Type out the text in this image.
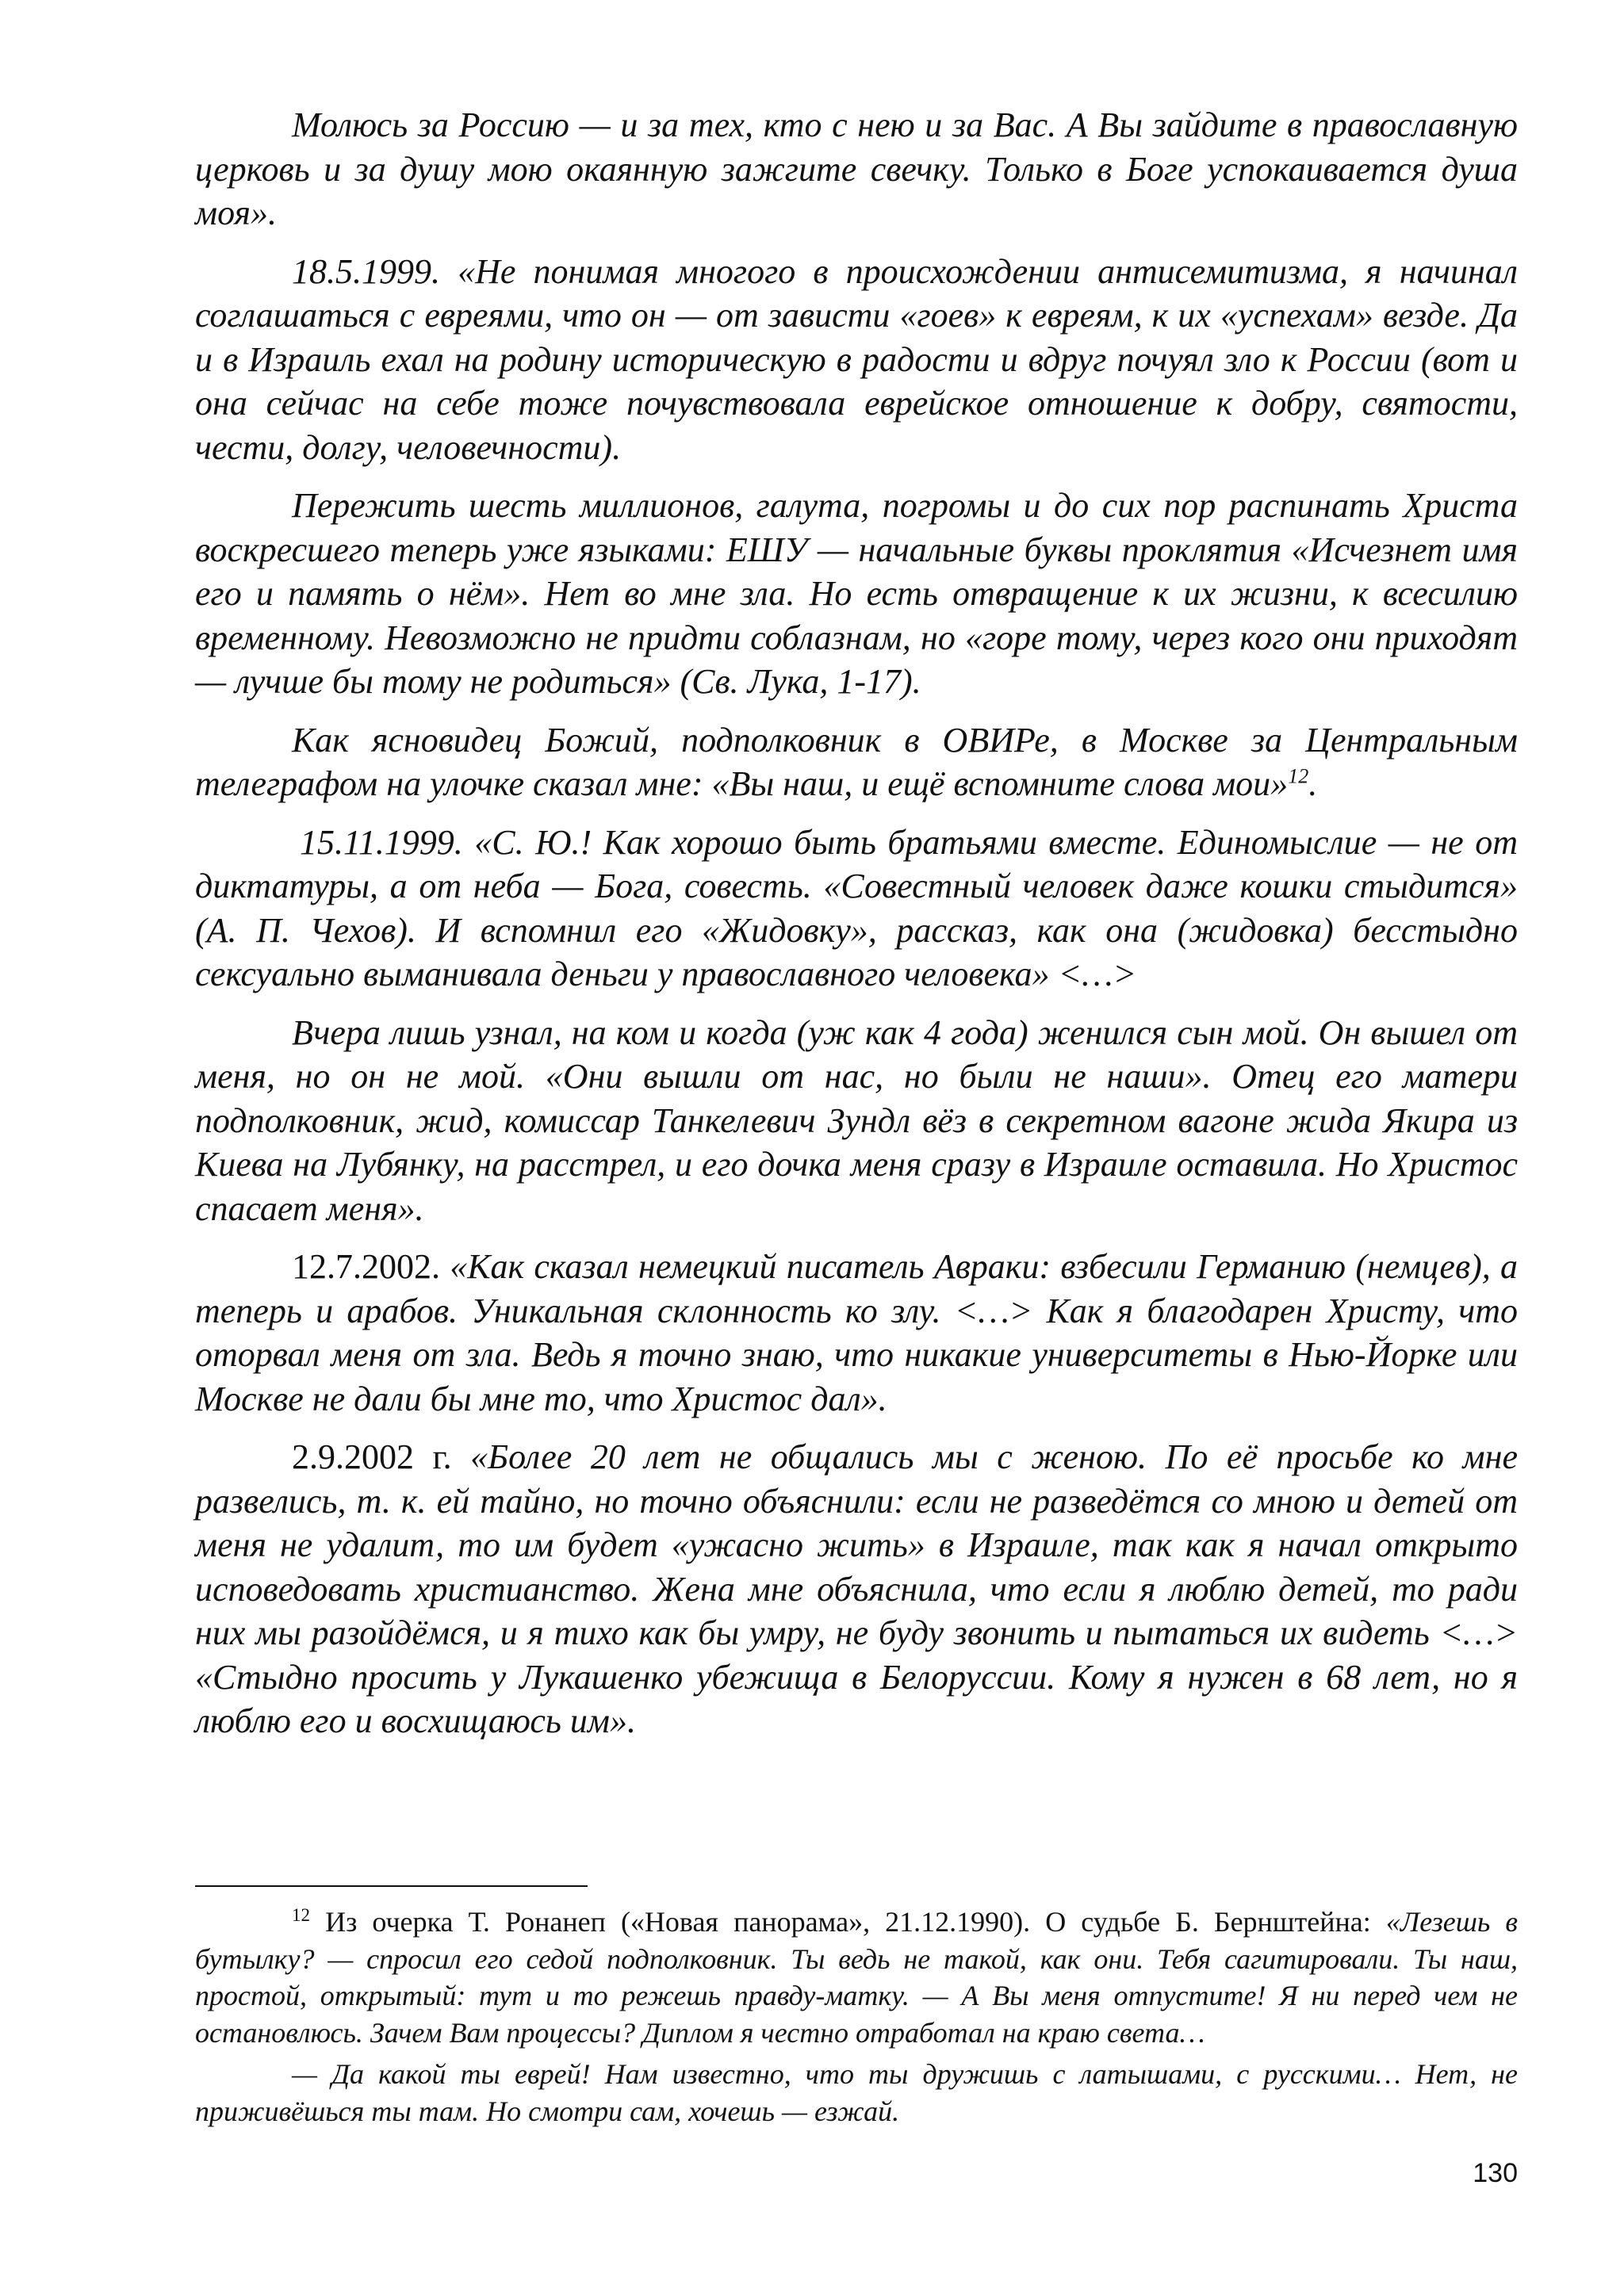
Молюсь за Россию — и за тех, кто с нею и за Вас. А Вы зайдите в православную церковь и за душу мою окаянную зажгите свечку. Только в Боге успокаивается душа моя».

18.5.1999. «Не понимая многого в происхождении антисемитизма, я начинал соглашаться с евреями, что он — от зависти «гоев» к евреям, к их «успехам» везде. Да и в Израиль ехал на родину историческую в радости и вдруг почуял зло к России (вот и она сейчас на себе тоже почувствовала еврейское отношение к добру, святости, чести, долгу, человечности).

Пережить шесть миллионов, галута, погромы и до сих пор распинать Христа воскресшего теперь уже языками: ЕШУ — начальные буквы проклятия «Исчезнет имя его и память о нём». Нет во мне зла. Но есть отвращение к их жизни, к всесилию временному. Невозможно не придти соблазнам, но «горе тому, через кого они приходят — лучше бы тому не родиться» (Св. Лука, 1-17).

Как ясновидец Божий, подполковник в ОВИРе, в Москве за Центральным телеграфом на улочке сказал мне: «Вы наш, и ещё вспомните слова мои»$^{12}$.

15.11.1999. «С. Ю.! Как хорошо быть братьями вместе. Единомыслие — не от диктатуры, а от неба — Бога, совесть. «Совестный человек даже кошки стыдится» (А. П. Чехов). И вспомнил его «Жидовку», рассказ, как она (жидовка) бесстыдно сексуально выманивала деньги у православного человека» <…>

Вчера лишь узнал, на ком и когда (уж как 4 года) женился сын мой. Он вышел от меня, но он не мой. «Они вышли от нас, но были не наши». Отец его матери подполковник, жид, комиссар Танкелевич Зундл вёз в секретном вагоне жида Якира из Киева на Лубянку, на расстрел, и его дочка меня сразу в Израиле оставила. Но Христос спасает меня».

12.7.2002. «Как сказал немецкий писатель Авраки: взбесили Германию (немцев), а теперь и арабов. Уникальная склонность ко злу. <…> Как я благодарен Христу, что оторвал меня от зла. Ведь я точно знаю, что никакие университеты в Нью-Йорке или Москве не дали бы мне то, что Христос дал».

2.9.2002 г. «Более 20 лет не общались мы с женою. По её просьбе ко мне развелись, т. к. ей тайно, но точно объяснили: если не разведётся со мною и детей от меня не удалит, то им будет «ужасно жить» в Израиле, так как я начал открыто исповедовать христианство. Жена мне объяснила, что если я люблю детей, то ради них мы разойдёмся, и я тихо как бы умру, не буду звонить и пытаться их видеть <…> «Стыдно просить у Лукашенко убежища в Белоруссии. Кому я нужен в 68 лет, но я люблю его и восхищаюсь им».

$^{12}$ Из очерка Т. Ронанеп («Новая панорама», 21.12.1990). О судьбе Б. Бернштейна: «Лезешь в бутылку? — спросил его седой подполковник. Ты ведь не такой, как они. Тебя сагитировали. Ты наш, простой, открытый: тут и то режешь правду-матку. — А Вы меня отпустите! Я ни перед чем не остановлюсь. Зачем Вам процессы? Диплом я честно отработал на краю света…

— Да какой ты еврей! Нам известно, что ты дружишь с латышами, с русскими… Нет, не приживёшься ты там. Но смотри сам, хочешь — езжай.

130
